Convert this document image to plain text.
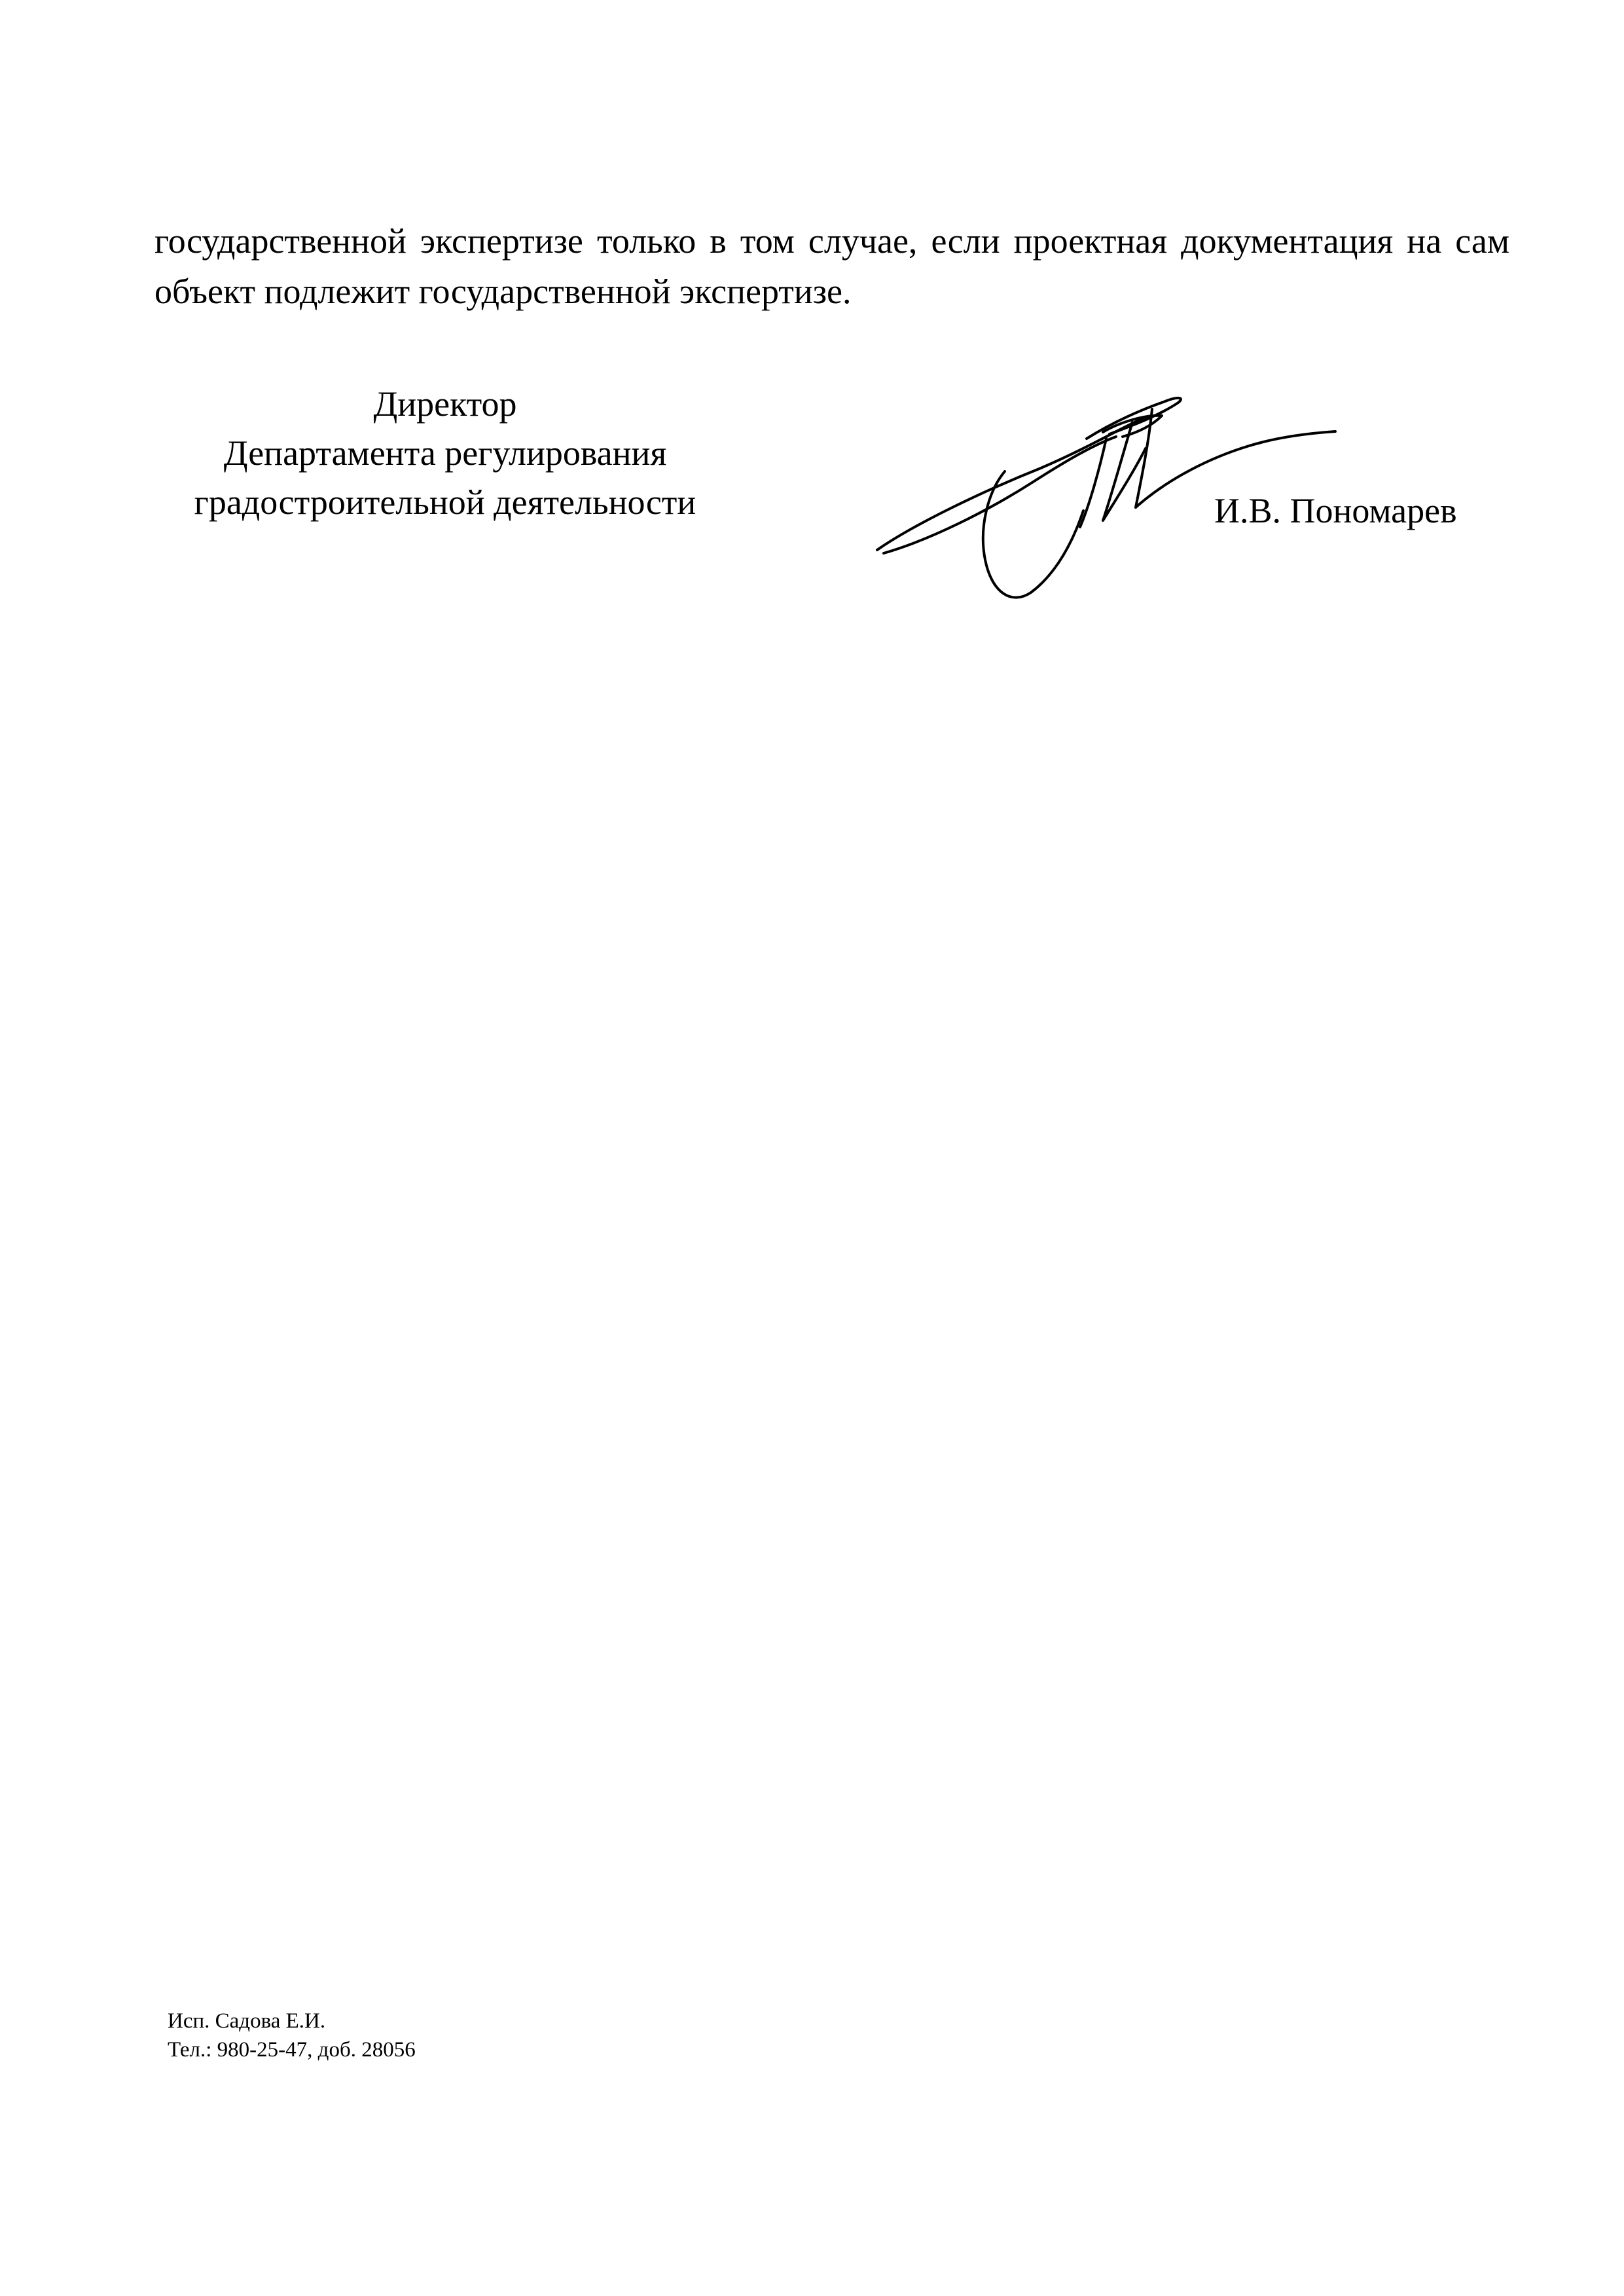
государственной экспертизе только в том случае, если проектная документация на сам
объект подлежит государственной экспертизе.
Директор
Департамента регулирования
градостроительной деятельности	И.В. Пономарев
Исп. Садова Е.И.
Тел.: 980-25-47, доб. 28056
